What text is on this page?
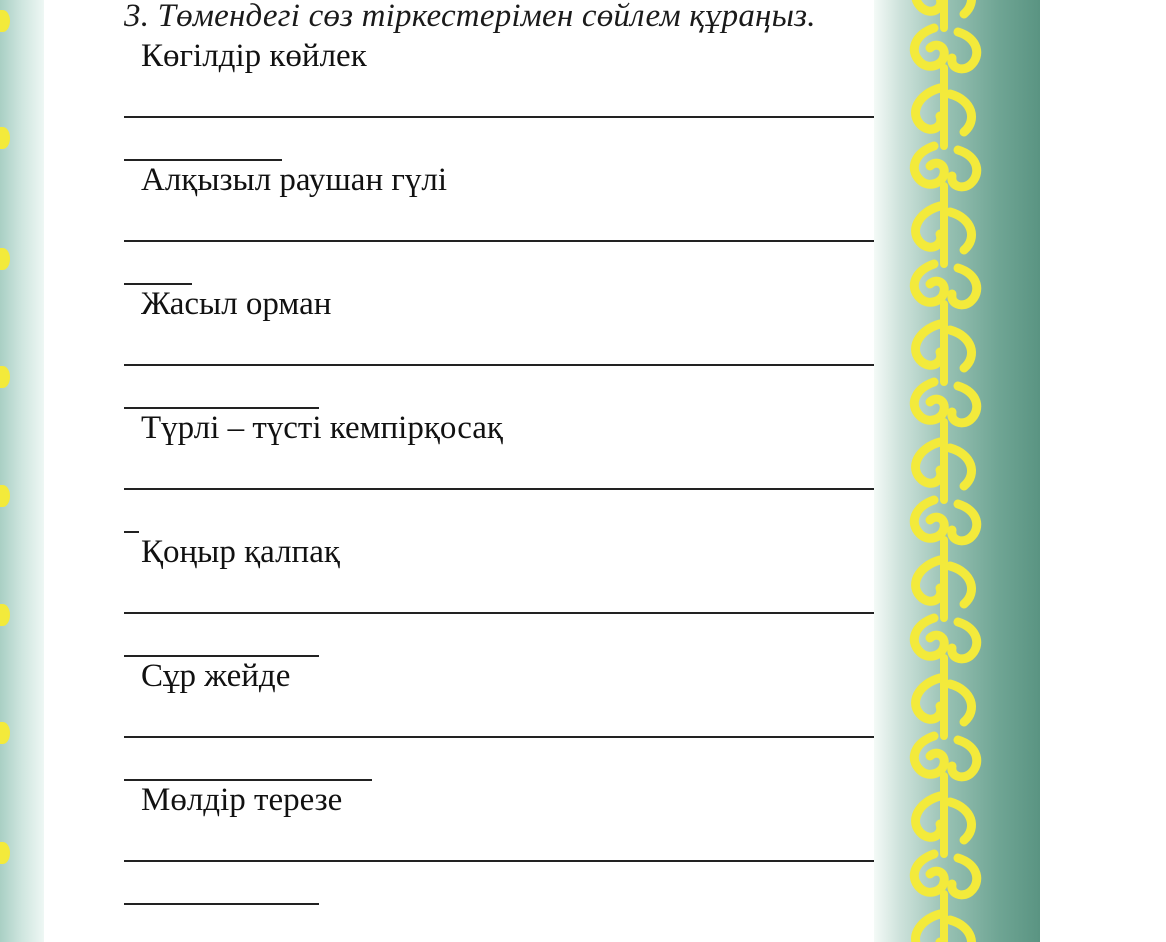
3. Төмендегі сөз тіркестерімен сөйлем құраңыз.
Көгілдір көйлек
Алқызыл раушан гүлі
Жасыл орман
Түрлі – түсті кемпірқосақ
Қоңыр қалпақ
Сұр жейде
Мөлдір терезе
